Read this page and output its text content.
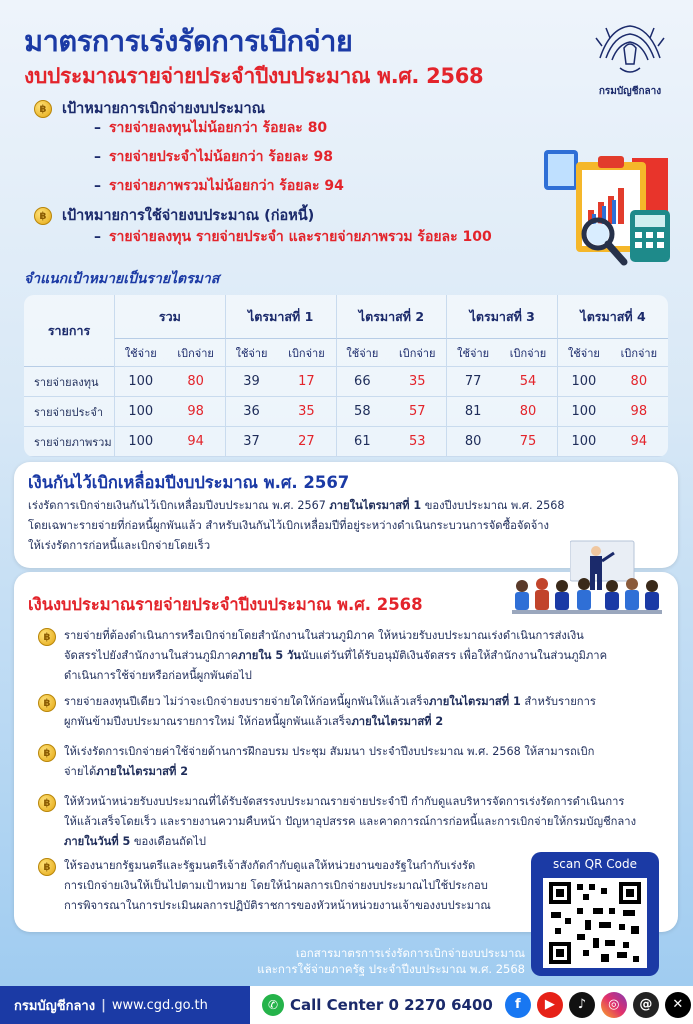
มาตรการเร่งรัดการเบิกจ่าย
งบประมาณรายจ่ายประจำปีงบประมาณ พ.ศ. 2568
กรมบัญชีกลาง
฿	เป้าหมายการเบิกจ่ายงบประมาณ
– รายจ่ายลงทุนไม่น้อยกว่า ร้อยละ 80
– รายจ่ายประจำไม่น้อยกว่า ร้อยละ 98
– รายจ่ายภาพรวมไม่น้อยกว่า ร้อยละ 94
฿	เป้าหมายการใช้จ่ายงบประมาณ (ก่อหนี้)
– รายจ่ายลงทุน รายจ่ายประจำ และรายจ่ายภาพรวม ร้อยละ 100
จำแนกเป้าหมายเป็นรายไตรมาส
รายการ	รวม		ไตรมาสที่ 1		ไตรมาสที่ 2		ไตรมาสที่ 3		ไตรมาสที่ 4	
	ใช้จ่าย	เบิกจ่าย	ใช้จ่าย	เบิกจ่าย	ใช้จ่าย	เบิกจ่าย	ใช้จ่าย	เบิกจ่าย	ใช้จ่าย	เบิกจ่าย
รายจ่ายลงทุน	100	80	39	17	66	35	77	54	100	80
รายจ่ายประจำ	100	98	36	35	58	57	81	80	100	98
รายจ่ายภาพรวม	100	94	37	27	61	53	80	75	100	94
เงินกันไว้เบิกเหลื่อมปีงบประมาณ พ.ศ. 2567
เร่งรัดการเบิกจ่ายเงินกันไว้เบิกเหลื่อมปีงบประมาณ พ.ศ. 2567 ภายในไตรมาสที่ 1 ของปีงบประมาณ พ.ศ. 2568
โดยเฉพาะรายจ่ายที่ก่อหนี้ผูกพันแล้ว สำหรับเงินกันไว้เบิกเหลื่อมปีที่อยู่ระหว่างดำเนินกระบวนการจัดซื้อจัดจ้าง
ให้เร่งรัดการก่อหนี้และเบิกจ่ายโดยเร็ว
เงินงบประมาณรายจ่ายประจำปีงบประมาณ พ.ศ. 2568
฿	รายจ่ายที่ต้องดำเนินการหรือเบิกจ่ายโดยสำนักงานในส่วนภูมิภาค ให้หน่วยรับงบประมาณเร่งดำเนินการส่งเงิน
จัดสรรไปยังสำนักงานในส่วนภูมิภาคภายใน 5 วันนับแต่วันที่ได้รับอนุมัติเงินจัดสรร เพื่อให้สำนักงานในส่วนภูมิภาค
ดำเนินการใช้จ่ายหรือก่อหนี้ผูกพันต่อไป
฿	รายจ่ายลงทุนปีเดียว ไม่ว่าจะเบิกจ่ายงบรายจ่ายใดให้ก่อหนี้ผูกพันให้แล้วเสร็จภายในไตรมาสที่ 1 สำหรับรายการ
ผูกพันข้ามปีงบประมาณรายการใหม่ ให้ก่อหนี้ผูกพันแล้วเสร็จภายในไตรมาสที่ 2
฿	ให้เร่งรัดการเบิกจ่ายค่าใช้จ่ายด้านการฝึกอบรม ประชุม สัมมนา ประจำปีงบประมาณ พ.ศ. 2568 ให้สามารถเบิก
จ่ายได้ภายในไตรมาสที่ 2
฿	ให้หัวหน้าหน่วยรับงบประมาณที่ได้รับจัดสรรงบประมาณรายจ่ายประจำปี กำกับดูแลบริหารจัดการเร่งรัดการดำเนินการ
ให้แล้วเสร็จโดยเร็ว และรายงานความคืบหน้า ปัญหาอุปสรรค และคาดการณ์การก่อหนี้และการเบิกจ่ายให้กรมบัญชีกลาง
ภายในวันที่ 5 ของเดือนถัดไป
฿	ให้รองนายกรัฐมนตรีและรัฐมนตรีเจ้าสังกัดกำกับดูแลให้หน่วยงานของรัฐในกำกับเร่งรัด
การเบิกจ่ายเงินให้เป็นไปตามเป้าหมาย โดยให้นำผลการเบิกจ่ายงบประมาณไปใช้ประกอบ
การพิจารณาในการประเมินผลการปฏิบัติราชการของหัวหน้าหน่วยงานเจ้าของงบประมาณ
scan QR Code
เอกสารมาตรการเร่งรัดการเบิกจ่ายงบประมาณ
และการใช้จ่ายภาครัฐ ประจำปีงบประมาณ พ.ศ. 2568
กรมบัญชีกลาง | www.cgd.go.th	✆ Call Center 0 2270 6400	f	▶	♪	◎	@	✕
